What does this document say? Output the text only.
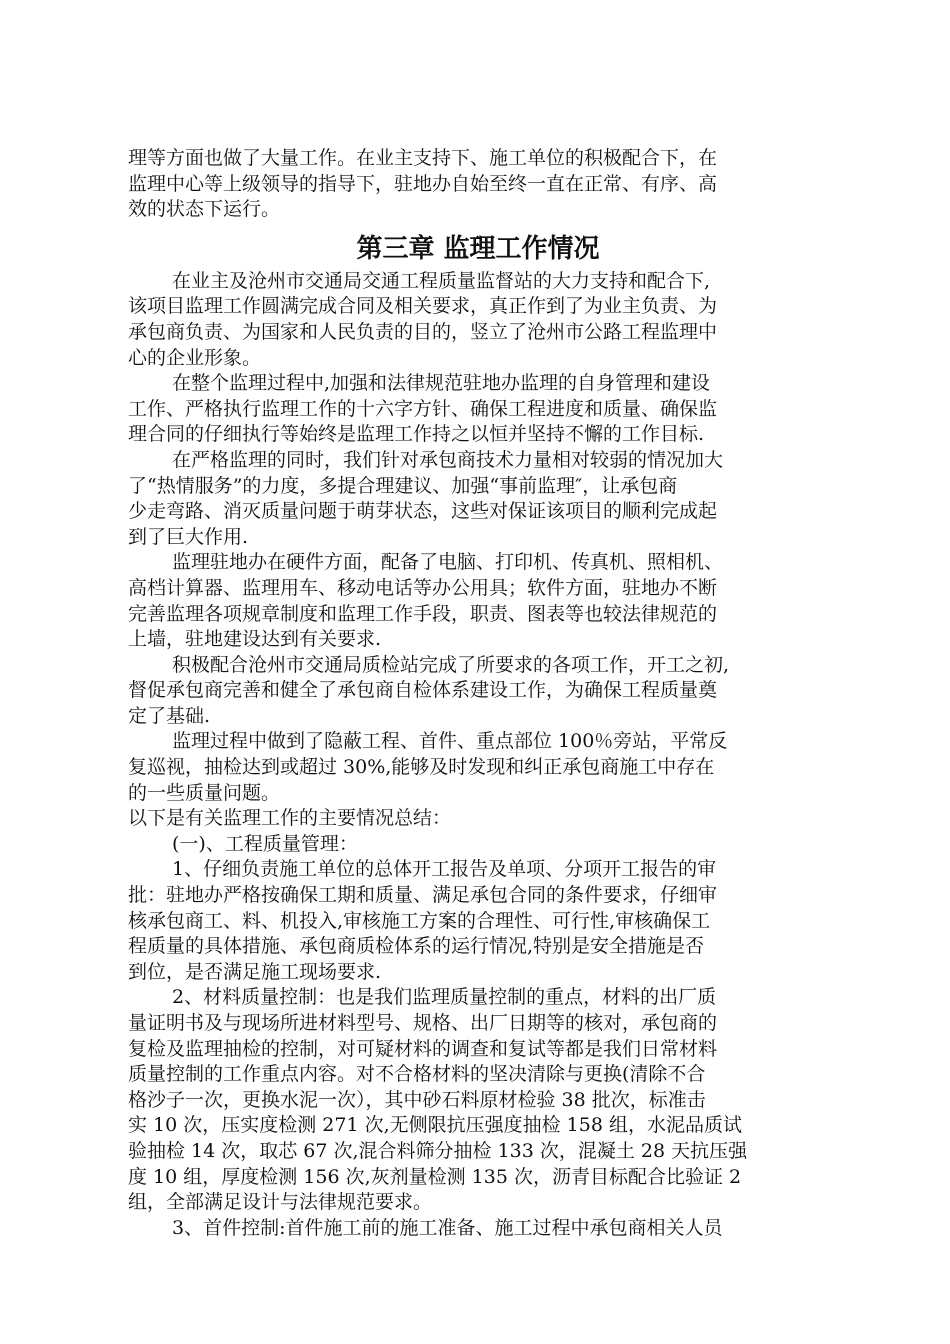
理等方面也做了大量工作。在业主支持下、施工单位的积极配合下，在
监理中心等上级领导的指导下，驻地办自始至终一直在正常、有序、高
效的状态下运行。
第三章 监理工作情况
在业主及沧州市交通局交通工程质量监督站的大力支持和配合下,
该项目监理工作圆满完成合同及相关要求，真正作到了为业主负责、为
承包商负责、为国家和人民负责的目的，竖立了沧州市公路工程监理中
心的企业形象。
在整个监理过程中,加强和法律规范驻地办监理的自身管理和建设
工作、严格执行监理工作的十六字方针、确保工程进度和质量、确保监
理合同的仔细执行等始终是监理工作持之以恒并坚持不懈的工作目标.
在严格监理的同时，我们针对承包商技术力量相对较弱的情况加大
了“热情服务”的力度，多提合理建议、加强“事前监理″，让承包商
少走弯路、消灭质量问题于萌芽状态，这些对保证该项目的顺利完成起
到了巨大作用.
监理驻地办在硬件方面，配备了电脑、打印机、传真机、照相机、
高档计算器、监理用车、移动电话等办公用具；软件方面，驻地办不断
完善监理各项规章制度和监理工作手段，职责、图表等也较法律规范的
上墙，驻地建设达到有关要求.
积极配合沧州市交通局质检站完成了所要求的各项工作，开工之初,
督促承包商完善和健全了承包商自检体系建设工作，为确保工程质量奠
定了基础.
监理过程中做到了隐蔽工程、首件、重点部位 100％旁站，平常反
复巡视，抽检达到或超过 30%,能够及时发现和纠正承包商施工中存在
的一些质量问题。
以下是有关监理工作的主要情况总结：
(一)、工程质量管理：
1、仔细负责施工单位的总体开工报告及单项、分项开工报告的审
批：驻地办严格按确保工期和质量、满足承包合同的条件要求，仔细审
核承包商工、料、机投入,审核施工方案的合理性、可行性,审核确保工
程质量的具体措施、承包商质检体系的运行情况,特别是安全措施是否
到位，是否满足施工现场要求.
2、材料质量控制：也是我们监理质量控制的重点，材料的出厂质
量证明书及与现场所进材料型号、规格、出厂日期等的核对，承包商的
复检及监理抽检的控制，对可疑材料的调查和复试等都是我们日常材料
质量控制的工作重点内容。对不合格材料的坚决清除与更换(清除不合
格沙子一次，更换水泥一次），其中砂石料原材检验 38 批次，标准击
实 10 次，压实度检测 271 次,无侧限抗压强度抽检 158 组，水泥品质试
验抽检 14 次，取芯 67 次,混合料筛分抽检 133 次，混凝土 28 天抗压强
度 10 组，厚度检测 156 次,灰剂量检测 135 次，沥青目标配合比验证 2
组，全部满足设计与法律规范要求。
3、首件控制:首件施工前的施工准备、施工过程中承包商相关人员
